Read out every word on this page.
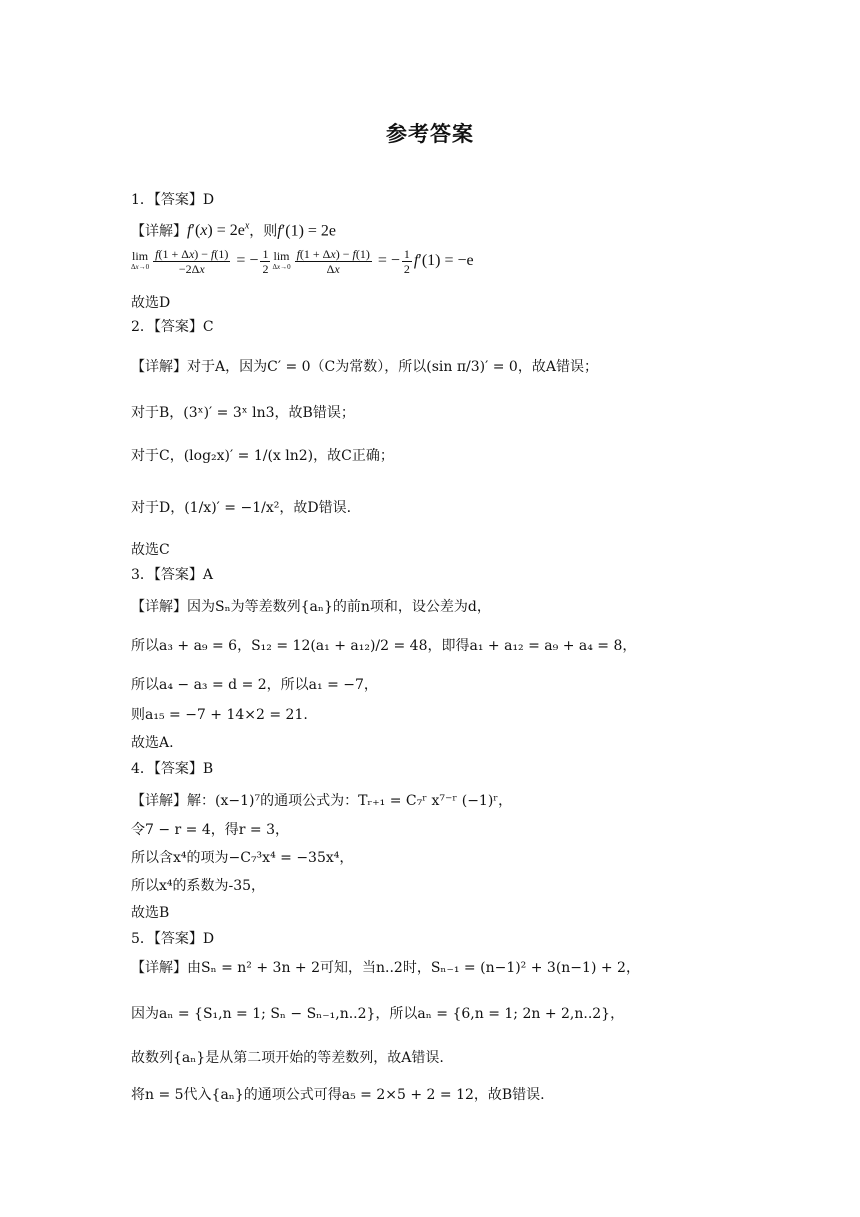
参考答案
1．【答案】D
【详解】$f'(x) = 2e^x$，则f′(1) = 2e
lim
$\Delta x\to 0 \frac{f(1 + \Delta x) - f(1)}{-2\Delta x}$ = − $\frac{1}{2}$ lim
$\Delta x\to 0 \frac{f(1 + \Delta x) - f(1)}{\Delta x}$ = − $\frac{1}{2} f'(1) = -e$
故选D
2．【答案】C
【详解】对于A，因为C′ = 0（C为常数），所以(sin π/3)′ = 0，故A错误；
对于B，(3ˣ)′ = 3ˣ ln3，故B错误；
对于C，(log₂x)′ = 1/(x ln2)，故C正确；
对于D，(1/x)′ = −1/x²，故D错误.
故选C
3．【答案】A
【详解】因为Sₙ为等差数列{aₙ}的前n项和，设公差为d，
所以a₃ + a₉ = 6，S₁₂ = 12(a₁ + a₁₂)/2 = 48，即得a₁ + a₁₂ = a₉ + a₄ = 8，
所以a₄ − a₃ = d = 2，所以a₁ = −7，
则a₁₅ = −7 + 14×2 = 21.
故选A.
4．【答案】B
【详解】解：(x−1)⁷的通项公式为：Tᵣ₊₁ = C₇ʳ x⁷⁻ʳ (−1)ʳ，
令7 − r = 4，得r = 3，
所以含x⁴的项为−C₇³x⁴ = −35x⁴，
所以x⁴的系数为-35，
故选B
5．【答案】D
【详解】由Sₙ = n² + 3n + 2可知，当n..2时，Sₙ₋₁ = (n−1)² + 3(n−1) + 2，
因为aₙ = {S₁,n = 1; Sₙ − Sₙ₋₁,n..2}，所以aₙ = {6,n = 1; 2n + 2,n..2}，
故数列{aₙ}是从第二项开始的等差数列，故A错误.
将n = 5代入{aₙ}的通项公式可得a₅ = 2×5 + 2 = 12，故B错误.
